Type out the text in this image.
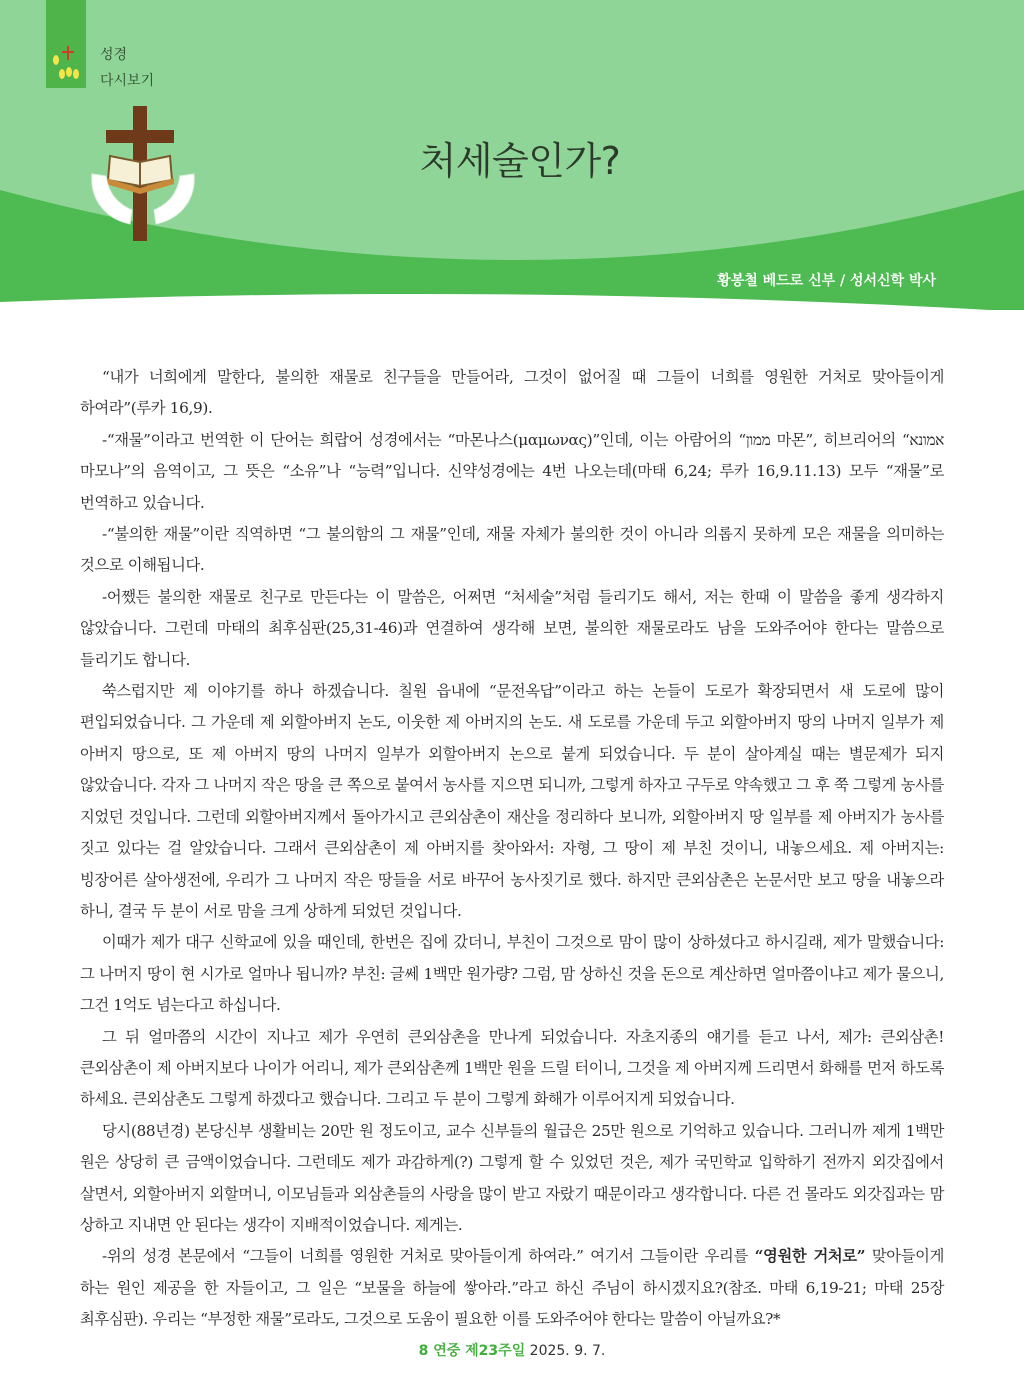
성경
다시보기
처세술인가?
황봉철 베드로 신부 / 성서신학 박사

“내가 너희에게 말한다, 불의한 재물로 친구들을 만들어라, 그것이 없어질 때 그들이 너희를 영원한 거처로 맞아들이게 하여라”(루카 16,9).

-“재물”이라고 번역한 이 단어는 희랍어 성경에서는 “마몬나스(μαμωνας)”인데, 이는 아람어의 “ממון 마몬”, 히브리어의 “אמונא 마모나”의 음역이고, 그 뜻은 “소유”나 “능력”입니다. 신약성경에는 4번 나오는데(마태 6,24; 루카 16,9.11.13) 모두 “재물”로 번역하고 있습니다.

-“불의한 재물”이란 직역하면 “그 불의함의 그 재물”인데, 재물 자체가 불의한 것이 아니라 의롭지 못하게 모은 재물을 의미하는 것으로 이해됩니다.

-어쨌든 불의한 재물로 친구로 만든다는 이 말씀은, 어쩌면 “처세술”처럼 들리기도 해서, 저는 한때 이 말씀을 좋게 생각하지 않았습니다. 그런데 마태의 최후심판(25,31-46)과 연결하여 생각해 보면, 불의한 재물로라도 남을 도와주어야 한다는 말씀으로 들리기도 합니다.

쑥스럽지만 제 이야기를 하나 하겠습니다. 칠원 읍내에 “문전옥답”이라고 하는 논들이 도로가 확장되면서 새 도로에 많이 편입되었습니다. 그 가운데 제 외할아버지 논도, 이웃한 제 아버지의 논도. 새 도로를 가운데 두고 외할아버지 땅의 나머지 일부가 제 아버지 땅으로, 또 제 아버지 땅의 나머지 일부가 외할아버지 논으로 붙게 되었습니다. 두 분이 살아계실 때는 별문제가 되지 않았습니다. 각자 그 나머지 작은 땅을 큰 쪽으로 붙여서 농사를 지으면 되니까, 그렇게 하자고 구두로 약속했고 그 후 쭉 그렇게 농사를 지었던 것입니다. 그런데 외할아버지께서 돌아가시고 큰외삼촌이 재산을 정리하다 보니까, 외할아버지 땅 일부를 제 아버지가 농사를 짓고 있다는 걸 알았습니다. 그래서 큰외삼촌이 제 아버지를 찾아와서: 자형, 그 땅이 제 부친 것이니, 내놓으세요. 제 아버지는: 빙장어른 살아생전에, 우리가 그 나머지 작은 땅들을 서로 바꾸어 농사짓기로 했다. 하지만 큰외삼촌은 논문서만 보고 땅을 내놓으라 하니, 결국 두 분이 서로 맘을 크게 상하게 되었던 것입니다.

이때가 제가 대구 신학교에 있을 때인데, 한번은 집에 갔더니, 부친이 그것으로 맘이 많이 상하셨다고 하시길래, 제가 말했습니다: 그 나머지 땅이 현 시가로 얼마나 됩니까? 부친: 글쎄 1백만 원가량? 그럼, 맘 상하신 것을 돈으로 계산하면 얼마쯤이냐고 제가 물으니, 그건 1억도 넘는다고 하십니다.

그 뒤 얼마쯤의 시간이 지나고 제가 우연히 큰외삼촌을 만나게 되었습니다. 자초지종의 얘기를 듣고 나서, 제가: 큰외삼촌! 큰외삼촌이 제 아버지보다 나이가 어리니, 제가 큰외삼촌께 1백만 원을 드릴 터이니, 그것을 제 아버지께 드리면서 화해를 먼저 하도록 하세요. 큰외삼촌도 그렇게 하겠다고 했습니다. 그리고 두 분이 그렇게 화해가 이루어지게 되었습니다.

당시(88년경) 본당신부 생활비는 20만 원 정도이고, 교수 신부들의 월급은 25만 원으로 기억하고 있습니다. 그러니까 제게 1백만 원은 상당히 큰 금액이었습니다. 그런데도 제가 과감하게(?) 그렇게 할 수 있었던 것은, 제가 국민학교 입학하기 전까지 외갓집에서 살면서, 외할아버지 외할머니, 이모님들과 외삼촌들의 사랑을 많이 받고 자랐기 때문이라고 생각합니다. 다른 건 몰라도 외갓집과는 맘 상하고 지내면 안 된다는 생각이 지배적이었습니다. 제게는.

-위의 성경 본문에서 “그들이 너희를 영원한 거처로 맞아들이게 하여라.” 여기서 그들이란 우리를 “영원한 거처로” 맞아들이게 하는 원인 제공을 한 자들이고, 그 일은 “보물을 하늘에 쌓아라.”라고 하신 주님이 하시겠지요?(참조. 마태 6,19-21; 마태 25장 최후심판). 우리는 “부정한 재물”로라도, 그것으로 도움이 필요한 이를 도와주어야 한다는 말씀이 아닐까요?*

8 연중 제23주일 2025. 9. 7.
